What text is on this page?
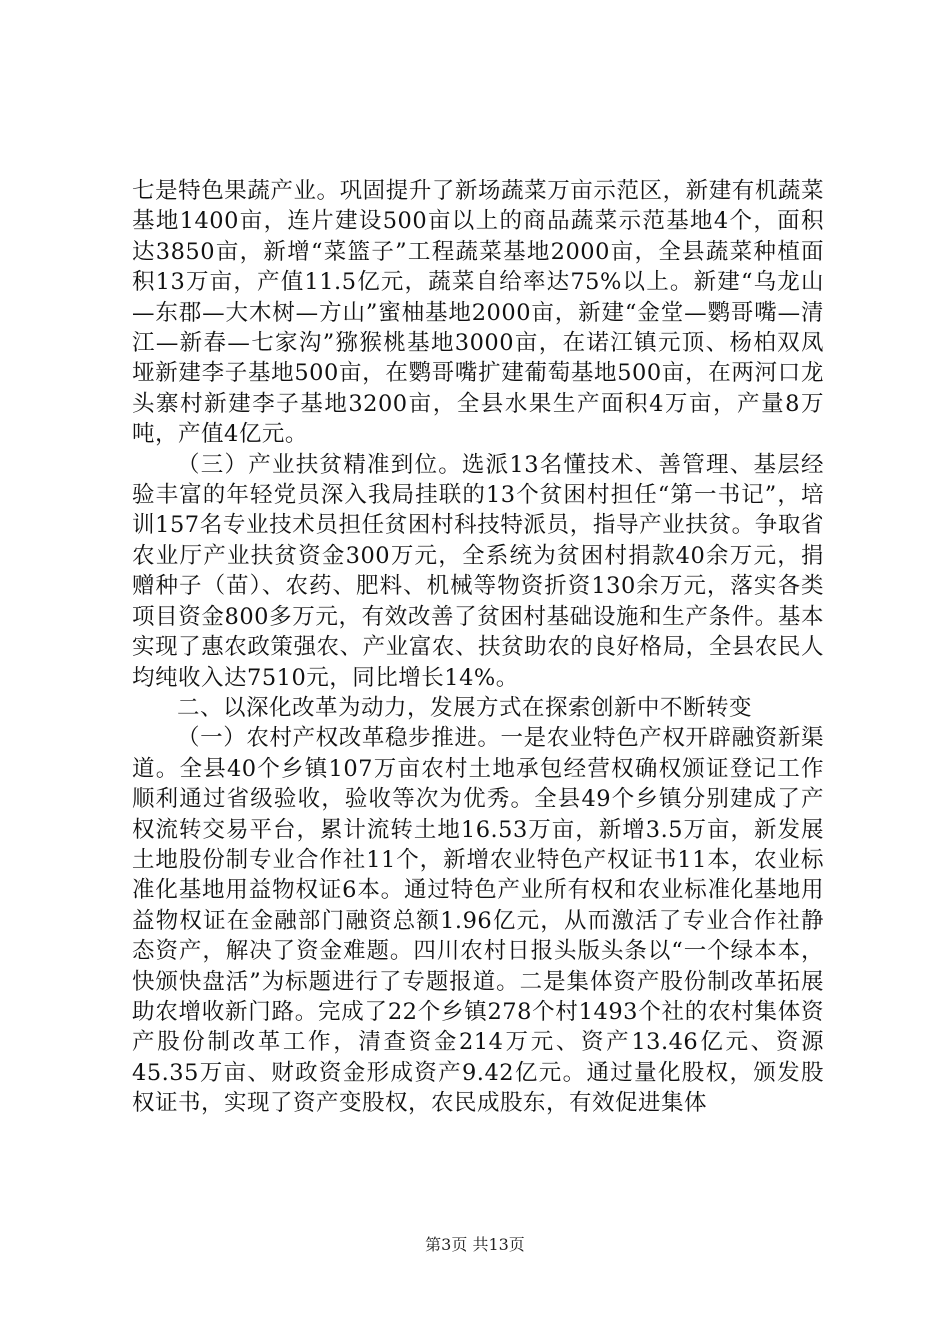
七是特色果蔬产业。巩固提升了新场蔬菜万亩示范区，新建有机蔬菜基地1400亩，连片建设500亩以上的商品蔬菜示范基地4个，面积达3850亩，新增“菜篮子”工程蔬菜基地2000亩，全县蔬菜种植面积13万亩，产值11.5亿元，蔬菜自给率达75%以上。新建“乌龙山—东郡—大木树—方山”蜜柚基地2000亩，新建“金堂—鹦哥嘴—清江—新春—七家沟”猕猴桃基地3000亩，在诺江镇元顶、杨柏双凤垭新建李子基地500亩，在鹦哥嘴扩建葡萄基地500亩，在两河口龙头寨村新建李子基地3200亩，全县水果生产面积4万亩，产量8万吨，产值4亿元。

（三）产业扶贫精准到位。选派13名懂技术、善管理、基层经验丰富的年轻党员深入我局挂联的13个贫困村担任“第一书记”，培训157名专业技术员担任贫困村科技特派员，指导产业扶贫。争取省农业厅产业扶贫资金300万元，全系统为贫困村捐款40余万元，捐赠种子（苗）、农药、肥料、机械等物资折资130余万元，落实各类项目资金800多万元，有效改善了贫困村基础设施和生产条件。基本实现了惠农政策强农、产业富农、扶贫助农的良好格局，全县农民人均纯收入达7510元，同比增长14%。

二、以深化改革为动力，发展方式在探索创新中不断转变

（一）农村产权改革稳步推进。一是农业特色产权开辟融资新渠道。全县40个乡镇107万亩农村土地承包经营权确权颁证登记工作顺利通过省级验收，验收等次为优秀。全县49个乡镇分别建成了产权流转交易平台，累计流转土地16.53万亩，新增3.5万亩，新发展土地股份制专业合作社11个，新增农业特色产权证书11本，农业标准化基地用益物权证6本。通过特色产业所有权和农业标准化基地用益物权证在金融部门融资总额1.96亿元，从而激活了专业合作社静态资产，解决了资金难题。四川农村日报头版头条以“一个绿本本，快颁快盘活”为标题进行了专题报道。二是集体资产股份制改革拓展助农增收新门路。完成了22个乡镇278个村1493个社的农村集体资产股份制改革工作，清查资金214万元、资产13.46亿元、资源45.35万亩、财政资金形成资产9.42亿元。通过量化股权，颁发股权证书，实现了资产变股权，农民成股东，有效促进集体

第3页 共13页
